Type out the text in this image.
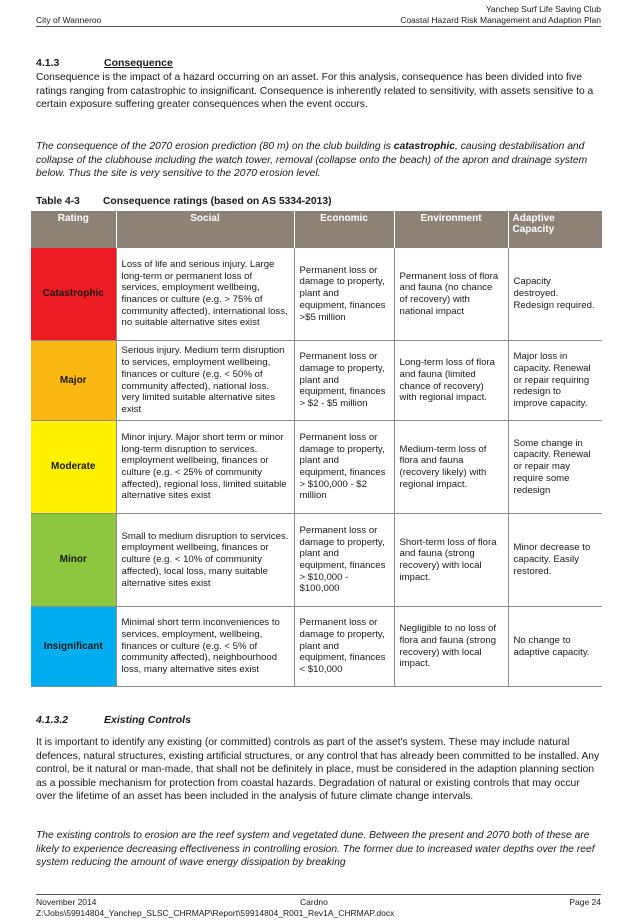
City of Wanneroo
Yanchep Surf Life Saving Club
Coastal Hazard Risk Management and Adaption Plan
4.1.3	Consequence

Consequence is the impact of a hazard occurring on an asset. For this analysis, consequence has been divided into five ratings ranging from catastrophic to insignificant. Consequence is inherently related to sensitivity, with assets sensitive to a certain exposure suffering greater consequences when the event occurs.

The consequence of the 2070 erosion prediction (80 m) on the club building is catastrophic, causing destabilisation and collapse of the clubhouse including the watch tower, removal (collapse onto the beach) of the apron and drainage system below. Thus the site is very sensitive to the 2070 erosion level.

Table 4-3 Consequence ratings (based on AS 5334-2013)
Rating	Social	Economic	Environment	Adaptive Capacity
Catastrophic	Loss of life and serious injury. Large long-term or permanent loss of services, employment wellbeing, finances or culture (e.g. > 75% of community affected), international loss, no suitable alternative sites exist	Permanent loss or damage to property, plant and equipment, finances >$5 million	Permanent loss of flora and fauna (no chance of recovery) with national impact	Capacity destroyed. Redesign required.
Major	Serious injury. Medium term disruption to services, employment wellbeing, finances or culture (e.g. < 50% of community affected), national loss. very limited suitable alternative sites exist	Permanent loss or damage to property, plant and equipment, finances > $2 - $5 million	Long-term loss of flora and fauna (limited chance of recovery) with regional impact.	Major loss in capacity. Renewal or repair requiring redesign to improve capacity.
Moderate	Minor injury. Major short term or minor long-term disruption to services. employment wellbeing, finances or culture (e.g. < 25% of community affected), regional loss, limited suitable alternative sites exist	Permanent loss or damage to property, plant and equipment, finances > $100,000 - $2 million	Medium-term loss of flora and fauna (recovery likely) with regional impact.	Some change in capacity. Renewal or repair may require some redesign
Minor	Small to medium disruption to services. employment wellbeing, finances or culture (e.g. < 10% of community affected), local loss, many suitable alternative sites exist	Permanent loss or damage to property, plant and equipment, finances > $10,000 - $100,000	Short-term loss of flora and fauna (strong recovery) with local impact.	Minor decrease to capacity. Easily restored.
Insignificant	Minimal short term inconveniences to services, employment, wellbeing, finances or culture (e.g. < 5% of community affected), neighbourhood loss, many alternative sites exist	Permanent loss or damage to property, plant and equipment, finances < $10,000	Negligible to no loss of flora and fauna (strong recovery) with local impact.	No change to adaptive capacity.
4.1.3.2	Existing Controls

It is important to identify any existing (or committed) controls as part of the asset's system. These may include natural defences, natural structures, existing artificial structures, or any control that has already been committed to be installed. Any control, be it natural or man-made, that shall not be definitely in place, must be considered in the adaption planning section as a possible mechanism for protection from coastal hazards. Degradation of natural or existing controls that may occur over the lifetime of an asset has been included in the analysis of future climate change intervals.

The existing controls to erosion are the reef system and vegetated dune. Between the present and 2070 both of these are likely to experience decreasing effectiveness in controlling erosion. The former due to increased water depths over the reef system reducing the amount of wave energy dissipation by breaking

November 2014
Z:\Jobs\59914804_Yanchep_SLSC_CHRMAP\Report\59914804_R001_Rev1A_CHRMAP.docx
Cardno	Page 24
